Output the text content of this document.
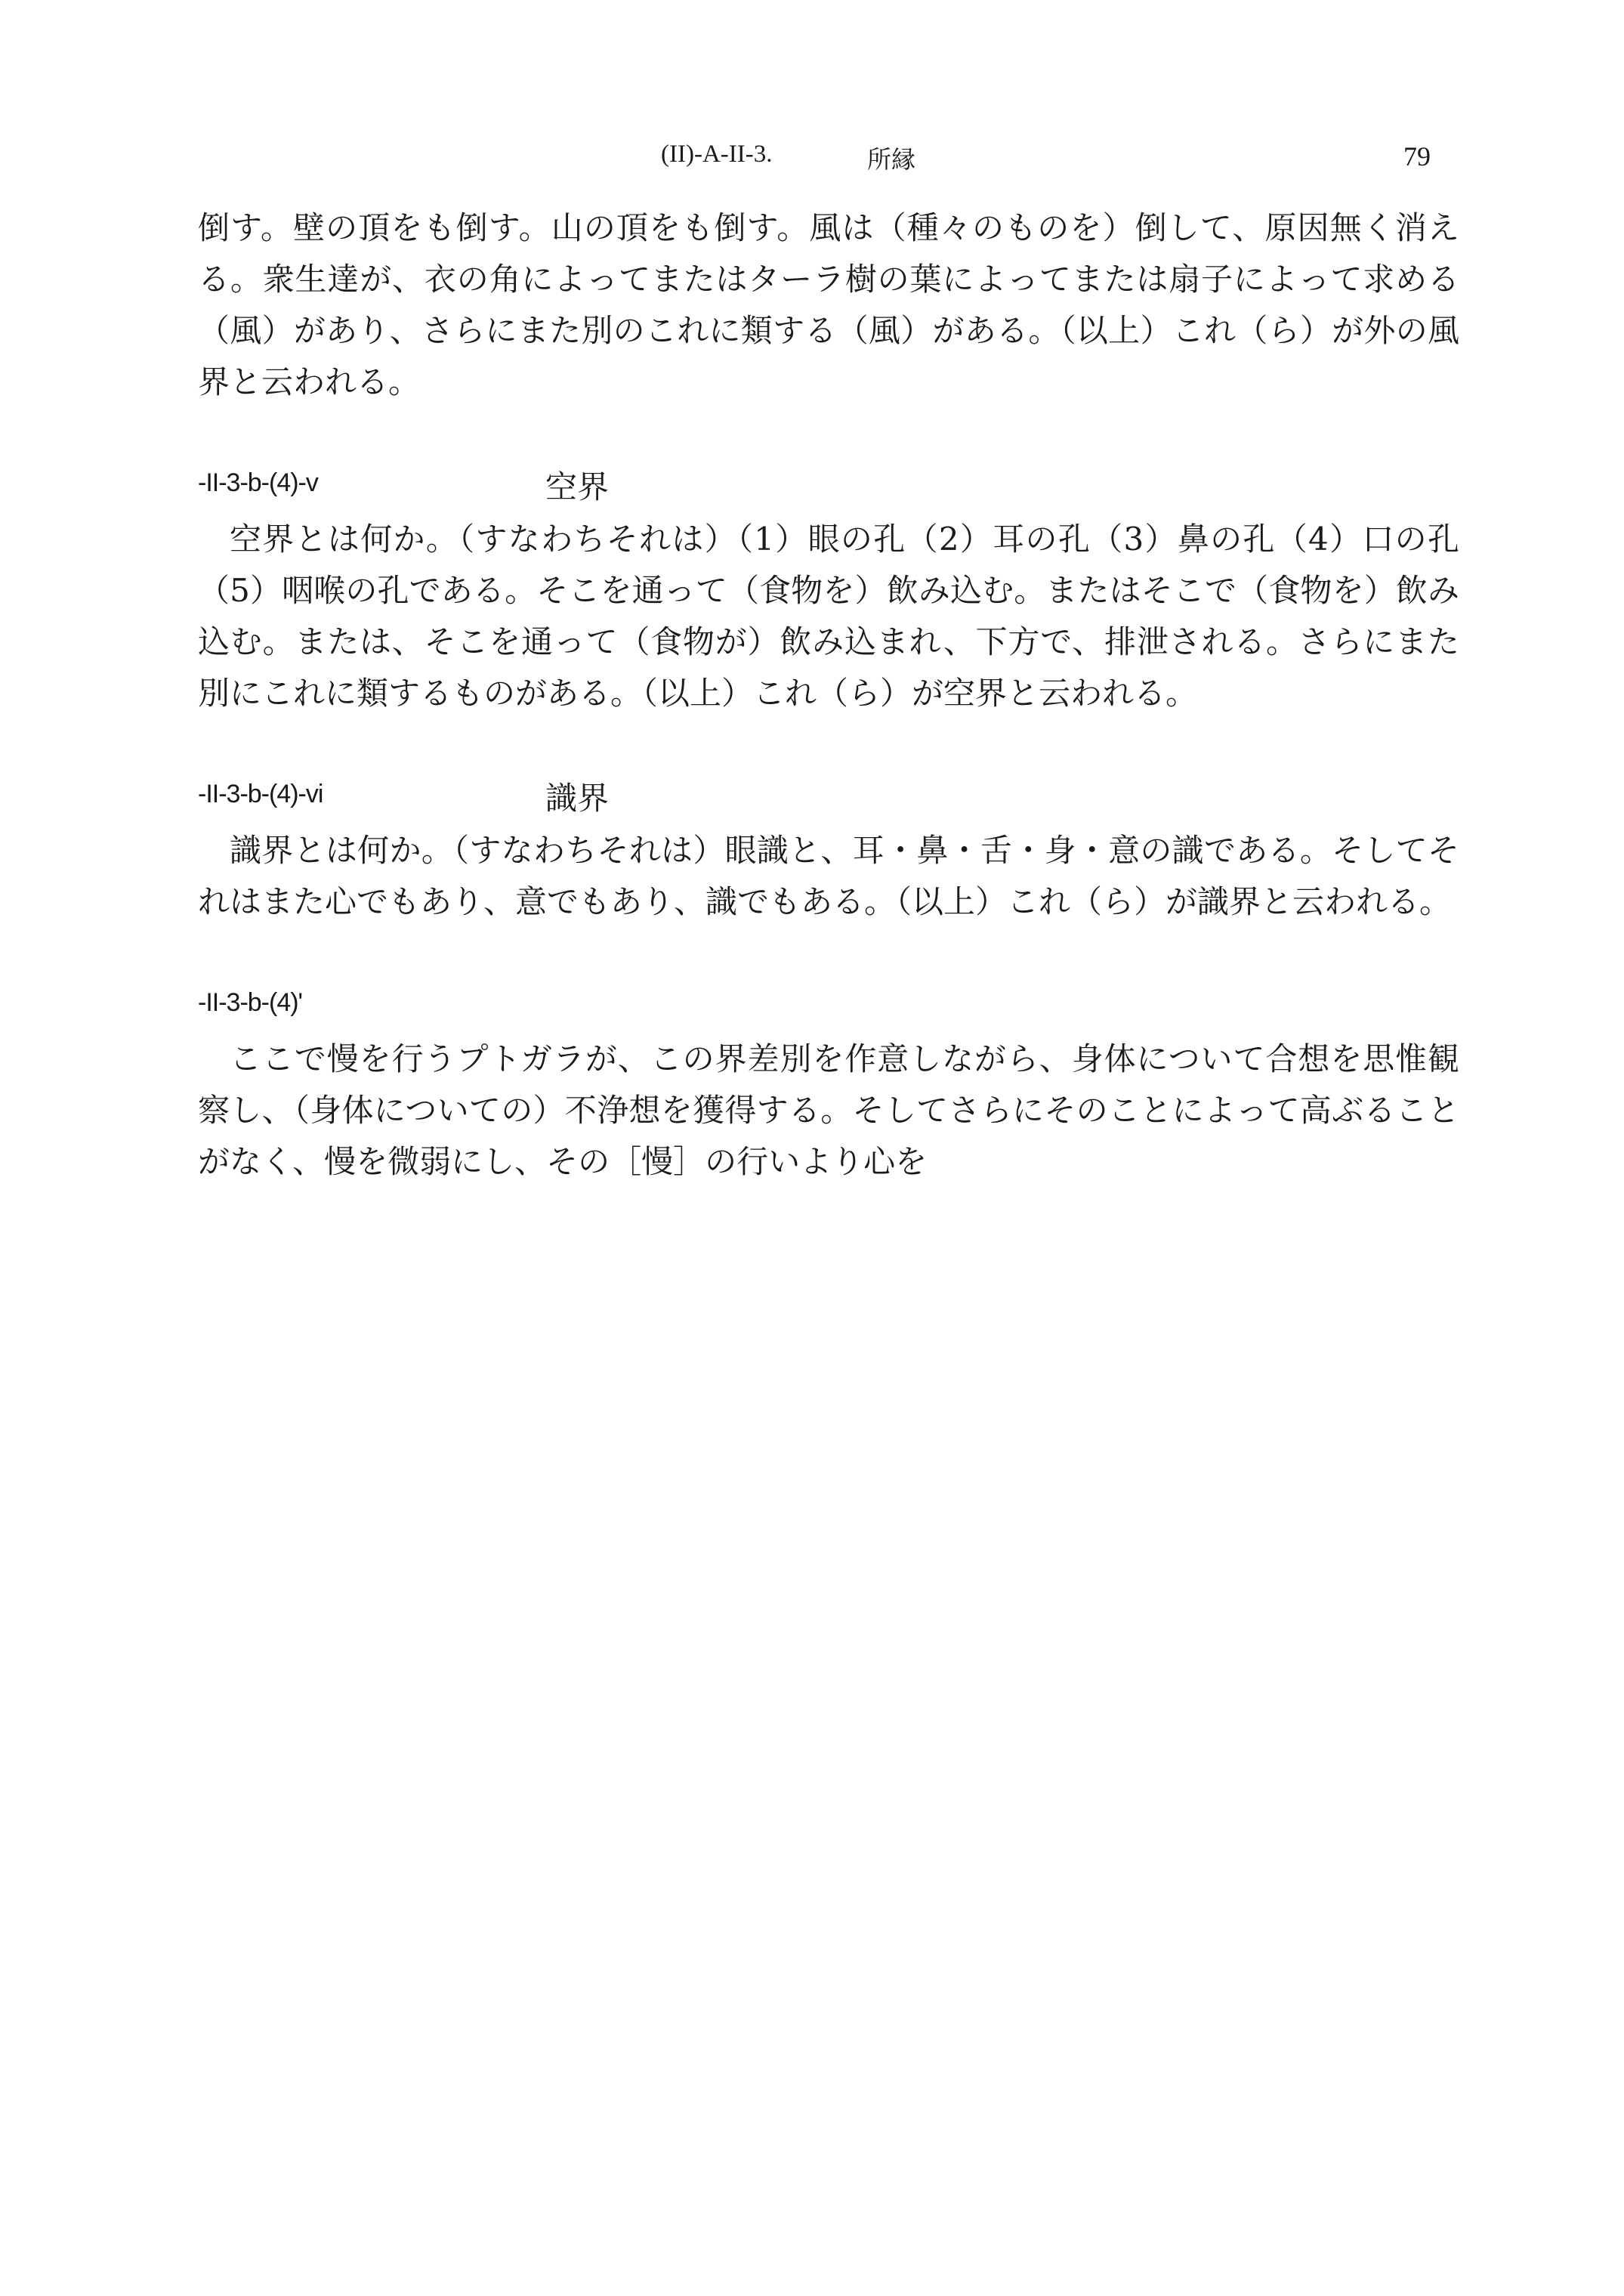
(II)-A-II-3.	所縁	79

倒す。壁の頂をも倒す。山の頂をも倒す。風は（種々のものを）倒して、原因無く消える。衆生達が、衣の角によってまたはターラ樹の葉によってまたは扇子によって求める（風）があり、さらにまた別のこれに類する（風）がある。（以上）これ（ら）が外の風界と云われる。

-II-3-b-(4)-v	空界

空界とは何か。（すなわちそれは）（1）眼の孔（2）耳の孔（3）鼻の孔（4）口の孔（5）咽喉の孔である。そこを通って（食物を）飲み込む。またはそこで（食物を）飲み込む。または、そこを通って（食物が）飲み込まれ、下方で、排泄される。さらにまた別にこれに類するものがある。（以上）これ（ら）が空界と云われる。

-II-3-b-(4)-vi	識界

識界とは何か。（すなわちそれは）眼識と、耳・鼻・舌・身・意の識である。そしてそれはまた心でもあり、意でもあり、識でもある。（以上）これ（ら）が識界と云われる。

-II-3-b-(4)'

ここで慢を行うプトガラが、この界差別を作意しながら、身体について合想を思惟観察し、（身体についての）不浄想を獲得する。そしてさらにそのことによって高ぶることがなく、慢を微弱にし、その［慢］の行いより心を
